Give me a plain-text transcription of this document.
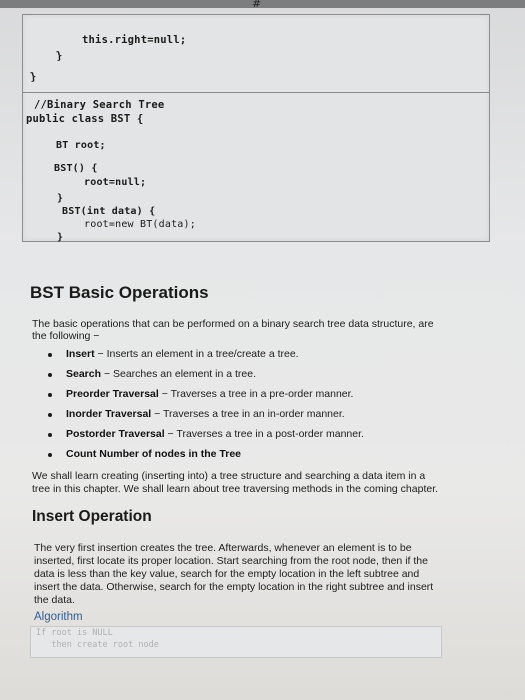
#
this.right=null;
}
}
//Binary Search Tree
public class BST {
BT root;
BST() {
root=null;
}
BST(int data) {
root=new BT(data);
}
BST Basic Operations

The basic operations that can be performed on a binary search tree data structure, are

the following −

Insert − Inserts an element in a tree/create a tree.
Search − Searches an element in a tree.
Preorder Traversal − Traverses a tree in a pre-order manner.
Inorder Traversal − Traverses a tree in an in-order manner.
Postorder Traversal − Traverses a tree in a post-order manner.
Count Number of nodes in the Tree

We shall learn creating (inserting into) a tree structure and searching a data item in a

tree in this chapter. We shall learn about tree traversing methods in the coming chapter.

Insert Operation

The very first insertion creates the tree. Afterwards, whenever an element is to be

inserted, first locate its proper location. Start searching from the root node, then if the

data is less than the key value, search for the empty location in the left subtree and

insert the data. Otherwise, search for the empty location in the right subtree and insert

the data.

Algorithm

If root is NULL
then create root node
